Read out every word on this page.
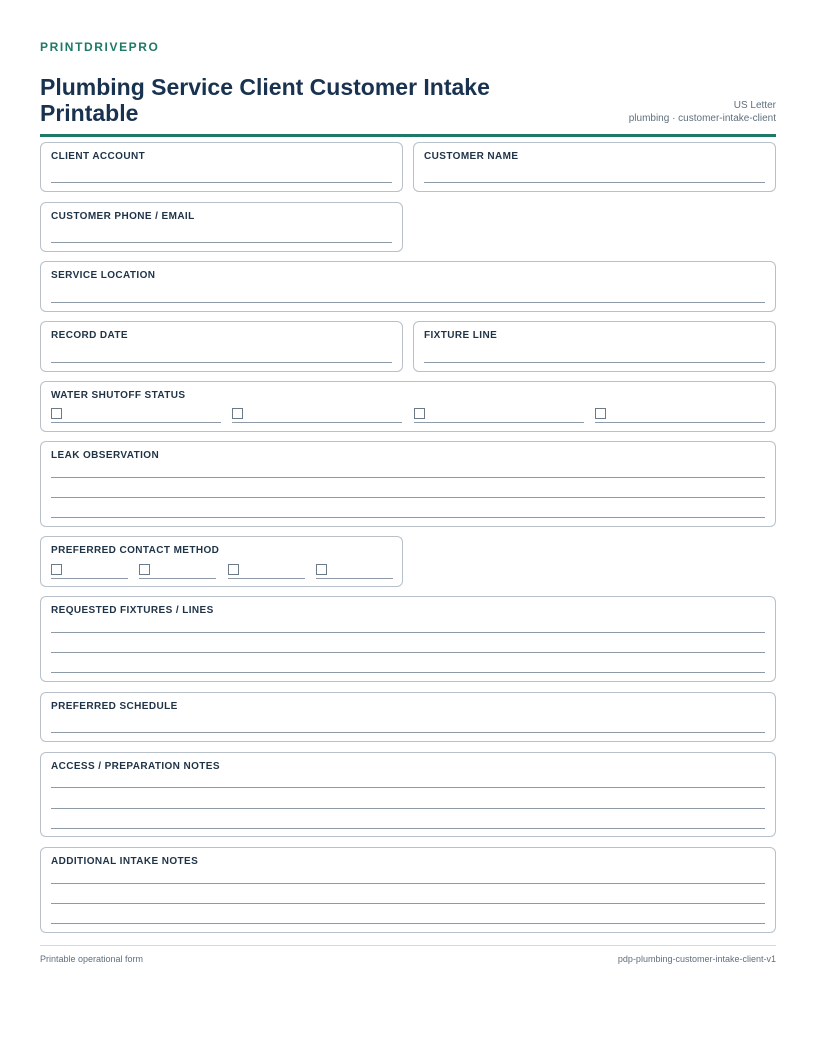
PRINTDRIVEPRO
Plumbing Service Client Customer Intake Printable	US Letter
plumbing · customer-intake-client
CLIENT ACCOUNT	CUSTOMER NAME
CUSTOMER PHONE / EMAIL
SERVICE LOCATION
RECORD DATE	FIXTURE LINE
WATER SHUTOFF STATUS
LEAK OBSERVATION
PREFERRED CONTACT METHOD
REQUESTED FIXTURES / LINES
PREFERRED SCHEDULE
ACCESS / PREPARATION NOTES
ADDITIONAL INTAKE NOTES
Printable operational form	pdp-plumbing-customer-intake-client-v1
